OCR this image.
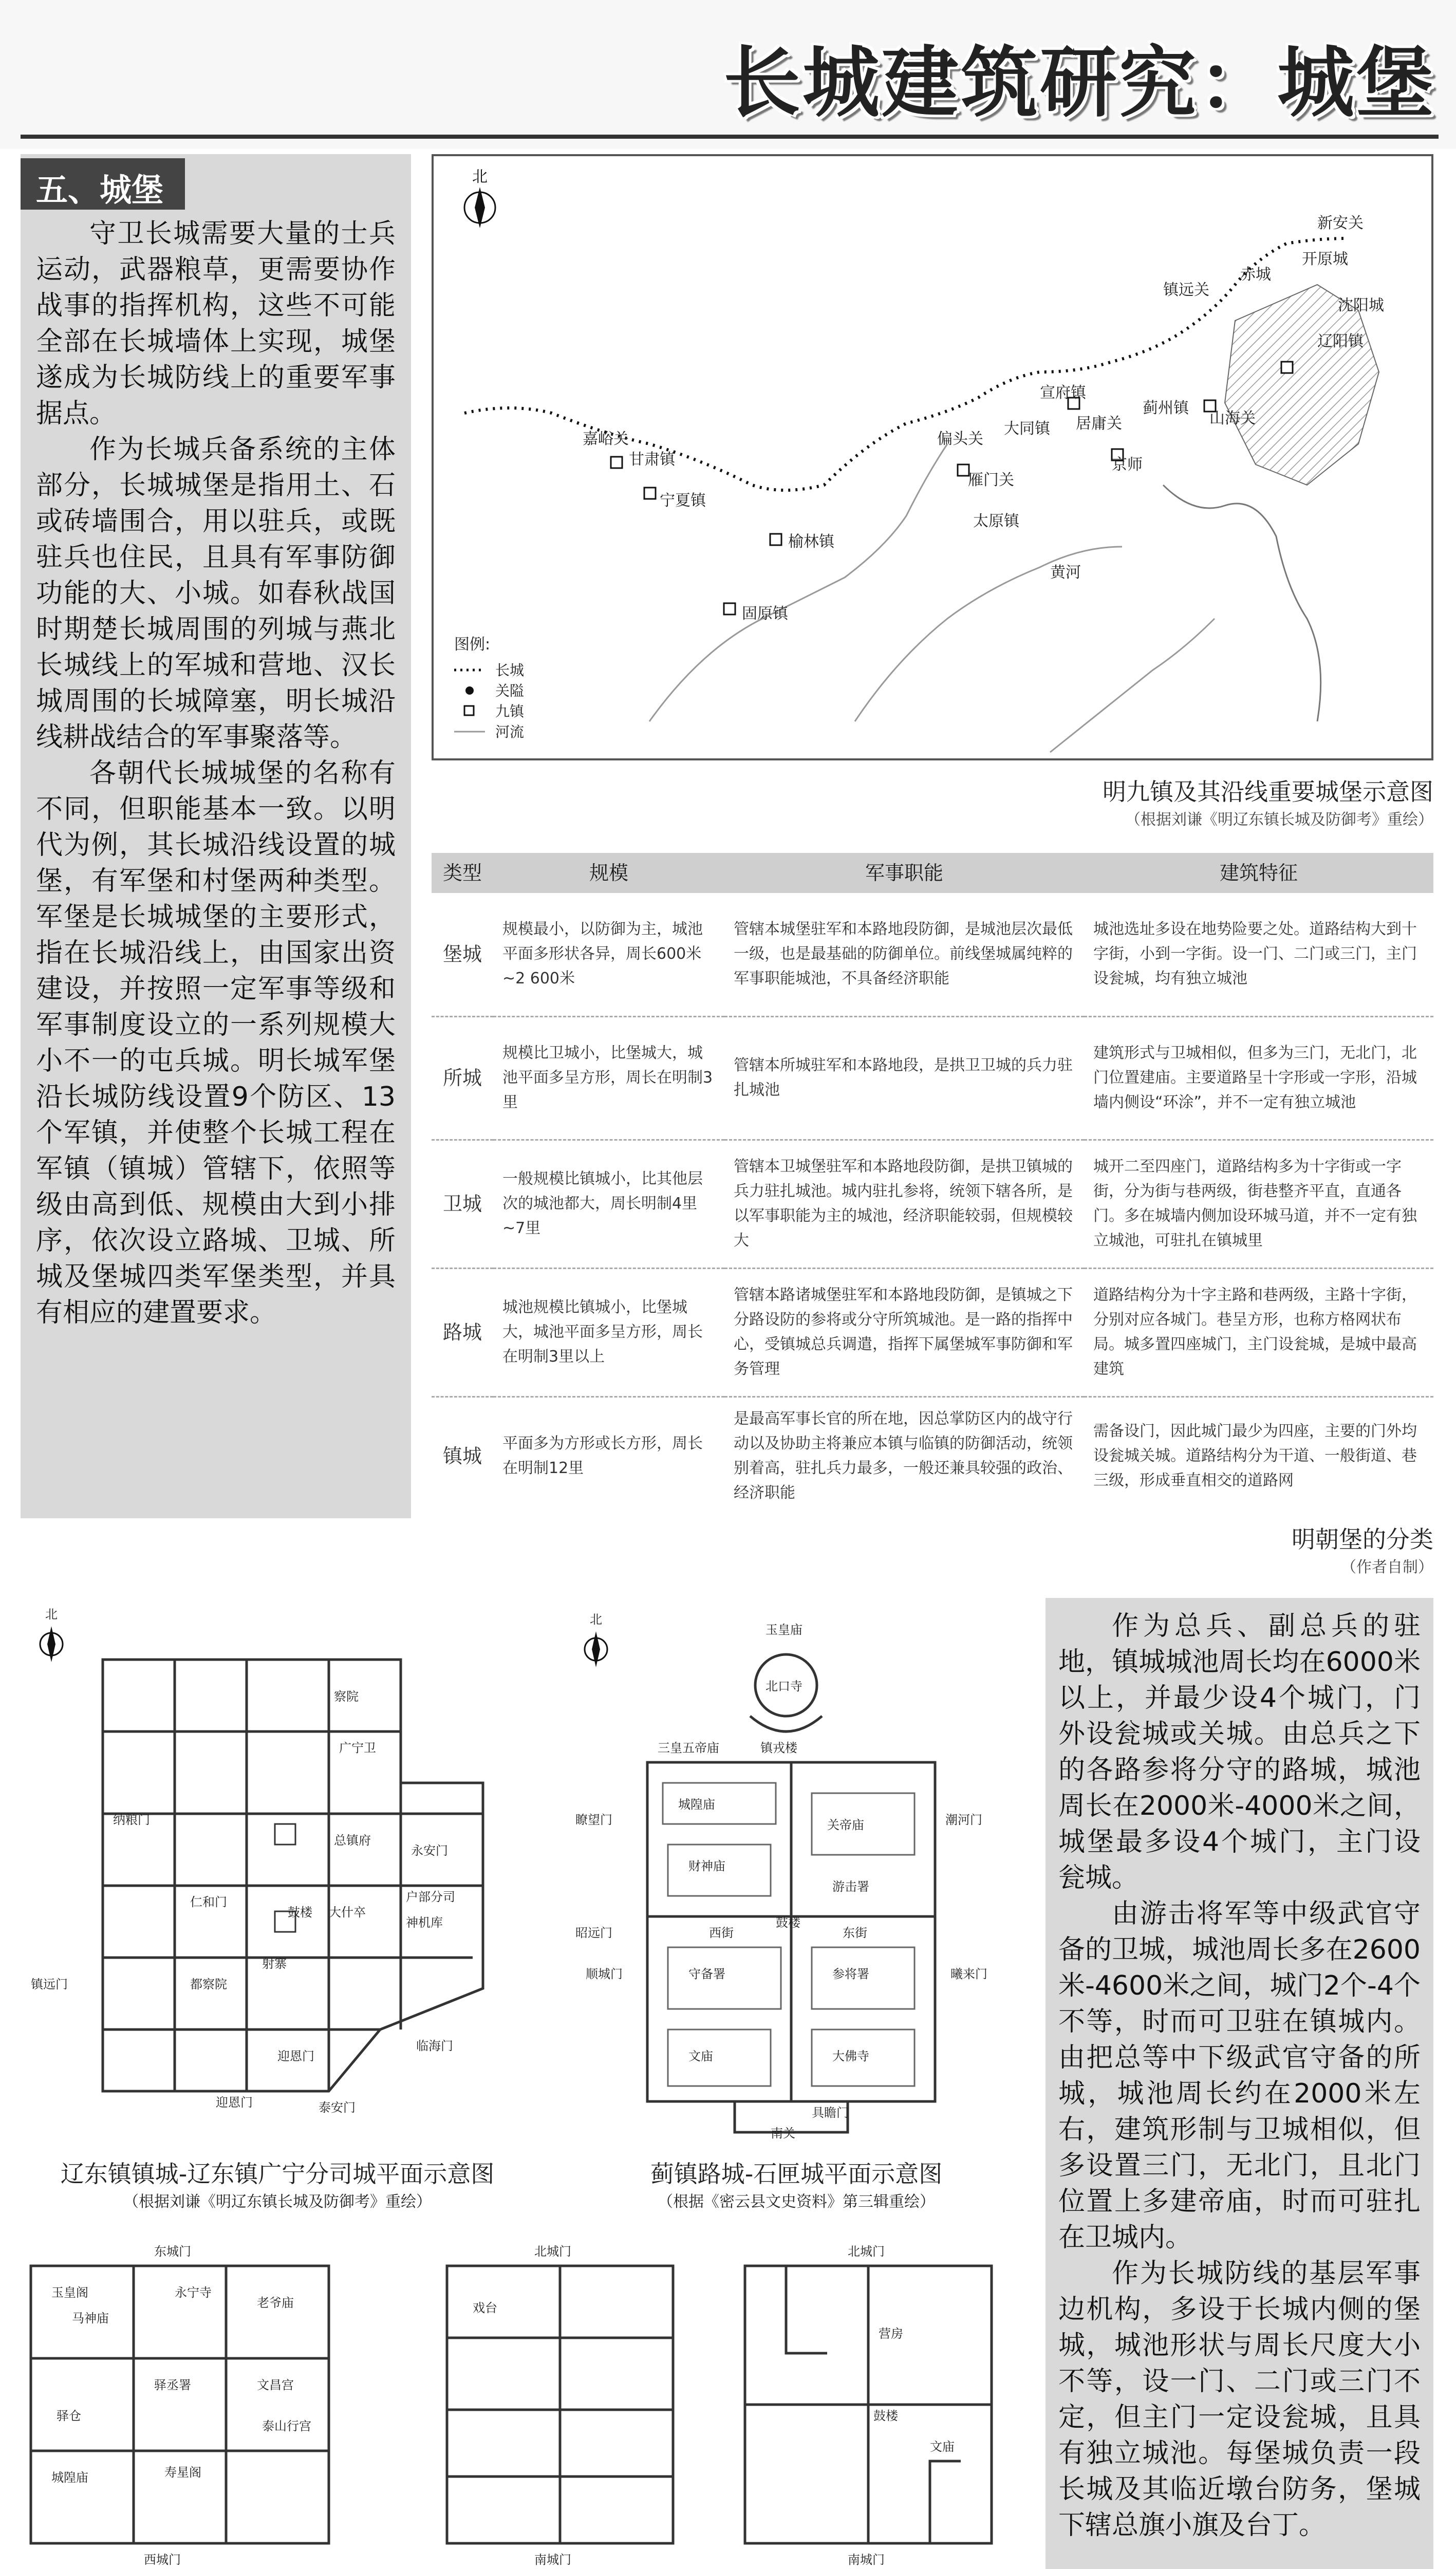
长城建筑研究：城堡
五、城堡

守卫长城需要大量的士兵运动，武器粮草，更需要协作战事的指挥机构，这些不可能全部在长城墙体上实现，城堡遂成为长城防线上的重要军事据点。

作为长城兵备系统的主体部分，长城城堡是指用土、石或砖墙围合，用以驻兵，或既驻兵也住民，且具有军事防御功能的大、小城。如春秋战国时期楚长城周围的列城与燕北长城线上的军城和营地、汉长城周围的长城障塞，明长城沿线耕战结合的军事聚落等。

各朝代长城城堡的名称有不同，但职能基本一致。以明代为例，其长城沿线设置的城堡，有军堡和村堡两种类型。军堡是长城城堡的主要形式，指在长城沿线上，由国家出资建设，并按照一定军事等级和军事制度设立的一系列规模大小不一的屯兵城。明长城军堡沿长城防线设置9个防区、13个军镇，并使整个长城工程在军镇（镇城）管辖下，依照等级由高到低、规模由大到小排序，依次设立路城、卫城、所城及堡城四类军堡类型，并具有相应的建置要求。

北
镇远关
赤城
开原城
新安关
沈阳城
辽阳镇
嘉峪关	偏头关
大同镇
宣府镇
居庸关
蓟州镇
山海关
京师
雁门关
甘肃镇
宁夏镇
榆林镇
太原镇
固原镇
黄河
图例:
长城
关隘
九镇
河流
明九镇及其沿线重要城堡示意图
（根据刘谦《明辽东镇长城及防御考》重绘）
类型	规模	军事职能	建筑特征
堡城	规模最小，以防御为主，城池平面多形状各异，周长600米~2 600米	管辖本城堡驻军和本路地段防御，是城池层次最低一级，也是最基础的防御单位。前线堡城属纯粹的军事职能城池，不具备经济职能	城池选址多设在地势险要之处。道路结构大到十字街，小到一字街。设一门、二门或三门，主门设瓮城，均有独立城池
所城	规模比卫城小，比堡城大，城池平面多呈方形，周长在明制3里	管辖本所城驻军和本路地段，是拱卫卫城的兵力驻扎城池	建筑形式与卫城相似，但多为三门，无北门，北门位置建庙。主要道路呈十字形或一字形，沿城墙内侧设“环涂”，并不一定有独立城池
卫城	一般规模比镇城小，比其他层次的城池都大，周长明制4里~7里	管辖本卫城堡驻军和本路地段防御，是拱卫镇城的兵力驻扎城池。城内驻扎参将，统领下辖各所，是以军事职能为主的城池，经济职能较弱，但规模较大	城开二至四座门，道路结构多为十字街或一字街，分为街与巷两级，街巷整齐平直，直通各门。多在城墙内侧加设环城马道，并不一定有独立城池，可驻扎在镇城里
路城	城池规模比镇城小，比堡城大，城池平面多呈方形，周长在明制3里以上	管辖本路诸城堡驻军和本路地段防御，是镇城之下分路设防的参将或分守所筑城池。是一路的指挥中心，受镇城总兵调遣，指挥下属堡城军事防御和军务管理	道路结构分为十字主路和巷两级，主路十字街，分别对应各城门。巷呈方形，也称方格网状布局。城多置四座城门，主门设瓮城，是城中最高建筑
镇城	平面多为方形或长方形，周长在明制12里	是最高军事长官的所在地，因总掌防区内的战守行动以及协助主将兼应本镇与临镇的防御活动，统领别着高，驻扎兵力最多，一般还兼具较强的政治、经济职能	需备设门，因此城门最少为四座，主要的门外均设瓮城关城。道路结构分为干道、一般街道、巷三级，形成垂直相交的道路网
明朝堡的分类
（作者自制）
北
察院
广宁卫
总镇府
永安门
户部分司
仁和门
神机库
大什卒
都察院
射寨
鼓楼
泰安门
迎恩门
镇远门
纳粮门
临海门
迎恩门
辽东镇镇城-辽东镇广宁分司城平面示意图
（根据刘谦《明辽东镇长城及防御考》重绘）
北
玉皇庙
北口寺
三皇五帝庙	镇戎楼
城隍庙
财神庙
关帝庙
西街	东街
鼓楼
守备署
游击署
参将署
瞭望门	潮河门
昭远门
顺城门	曦来门
文庙	大佛寺
具瞻门
南关
蓟镇路城-石匣城平面示意图
（根据《密云县文史资料》第三辑重绘）
东城门
玉皇阁
马神庙
永宁寺
老爷庙
驿丞署	文昌宫
泰山行宫
驿仓
寿星阁
城隍庙
西城门
北城门
戏台
南城门
北城门
营房
文庙
鼓楼
南城门

作为总兵、副总兵的驻地，镇城城池周长均在6000米以上，并最少设4个城门，门外设瓮城或关城。由总兵之下的各路参将分守的路城，城池周长在2000米-4000米之间，城堡最多设4个城门，主门设瓮城。

由游击将军等中级武官守备的卫城，城池周长多在2600米-4600米之间，城门2个-4个不等，时而可卫驻在镇城内。由把总等中下级武官守备的所城，城池周长约在2000米左右，建筑形制与卫城相似，但多设置三门，无北门，且北门位置上多建帝庙，时而可驻扎在卫城内。

作为长城防线的基层军事边机构，多设于长城内侧的堡城，城池形状与周长尺度大小不等，设一门、二门或三门不定，但主门一定设瓮城，且具有独立城池。每堡城负责一段长城及其临近墩台防务，堡城下辖总旗小旗及台丁。
